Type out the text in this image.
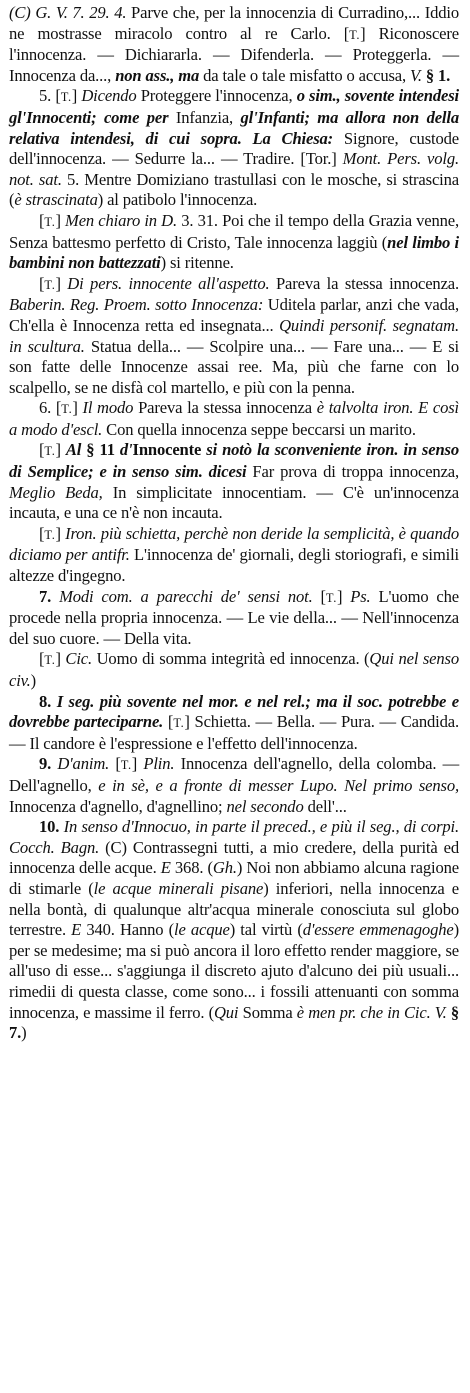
(C) G. V. 7. 29. 4. Parve che, per la innocenzia di Curradino,... Iddio ne mostrasse miracolo contro al re Carlo. [T.] Riconoscere l'innocenza. — Dichiararla. — Difenderla. — Proteggerla. — Innocenza da..., non ass., ma da tale o tale misfatto o accusa, V. § 1.

5. [T.] Dicendo Proteggere l'innocenza, o sim., sovente intendesi gl'Innocenti; come per Infanzia, gl'Infanti; ma allora non della relativa intendesi, di cui sopra. La Chiesa: Signore, custode dell'innocenza. — Sedurre la... — Tradire. [Tor.] Mont. Pers. volg. not. sat. 5. Mentre Domiziano trastullasi con le mosche, si strascina (è strascinata) al patibolo l'innocenza.

[T.] Men chiaro in D. 3. 31. Poi che il tempo della Grazia venne, Senza battesmo perfetto di Cristo, Tale innocenza laggiù (nel limbo i bambini non battezzati) si ritenne.

[T.] Di pers. innocente all'aspetto. Pareva la stessa innocenza. Baberin. Reg. Proem. sotto Innocenza: Uditela parlar, anzi che vada, Ch'ella è Innocenza retta ed insegnata... Quindi personif. segnatam. in scultura. Statua della... — Scolpire una... — Fare una... — E si son fatte delle Innocenze assai ree. Ma, più che farne con lo scalpello, se ne disfà col martello, e più con la penna.

6. [T.] Il modo Pareva la stessa innocenza è talvolta iron. E così a modo d'escl. Con quella innocenza seppe beccarsi un marito.

[T.] Al § 11 d'Innocente si notò la sconveniente iron. in senso di Semplice; e in senso sim. dicesi Far prova di troppa innocenza, Meglio Beda, In simplicitate innocentiam. — C'è un'innocenza incauta, e una ce n'è non incauta.

[T.] Iron. più schietta, perchè non deride la semplicità, è quando diciamo per antifr. L'innocenza de' giornali, degli storiografi, e simili altezze d'ingegno.

7. Modi com. a parecchi de' sensi not. [T.] Ps. L'uomo che procede nella propria innocenza. — Le vie della... — Nell'innocenza del suo cuore. — Della vita.

[T.] Cic. Uomo di somma integrità ed innocenza. (Qui nel senso civ.)

8. I seg. più sovente nel mor. e nel rel.; ma il soc. potrebbe e dovrebbe parteciparne. [T.] Schietta. — Bella. — Pura. — Candida. — Il candore è l'espressione e l'effetto dell'innocenza.

9. D'anim. [T.] Plin. Innocenza dell'agnello, della colomba. — Dell'agnello, e in sè, e a fronte di messer Lupo. Nel primo senso, Innocenza d'agnello, d'agnellino; nel secondo dell'...

10. In senso d'Innocuo, in parte il preced., e più il seg., di corpi. Cocch. Bagn. (C) Contrassegni tutti, a mio credere, della purità ed innocenza delle acque. E 368. (Gh.) Noi non abbiamo alcuna ragione di stimarle (le acque minerali pisane) inferiori, nella innocenza e nella bontà, di qualunque altr'acqua minerale conosciuta sul globo terrestre. E 340. Hanno (le acque) tal virtù (d'essere emmenagoghe) per se medesime; ma si può ancora il loro effetto render maggiore, se all'uso di esse... s'aggiunga il discreto ajuto d'alcuno dei più usuali... rimedii di questa classe, come sono... i fossili attenuanti con somma innocenza, e massime il ferro. (Qui Somma è men pr. che in Cic. V. § 7.)
